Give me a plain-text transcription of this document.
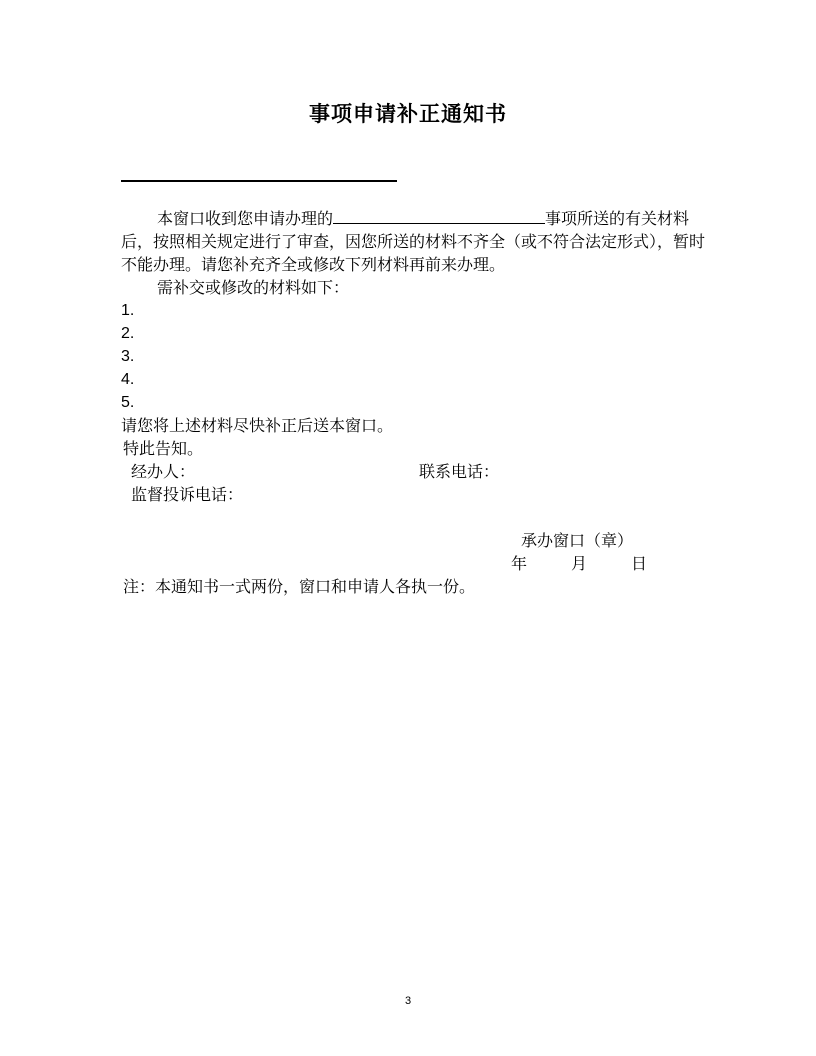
事项申请补正通知书

本窗口收到您申请办理的	事项所送的有关材料后，按照相关规定进行了审查，因您所送的材料不齐全（或不符合法定形式），暂时不能办理。请您补充齐全或修改下列材料再前来办理。

需补交或修改的材料如下：

1.

2.

3.

4.

5.

请您将上述材料尽快补正后送本窗口。

特此告知。

经办人：	联系电话：

监督投诉电话：

承办窗口（章）

年	月	日

注：本通知书一式两份，窗口和申请人各执一份。

3
